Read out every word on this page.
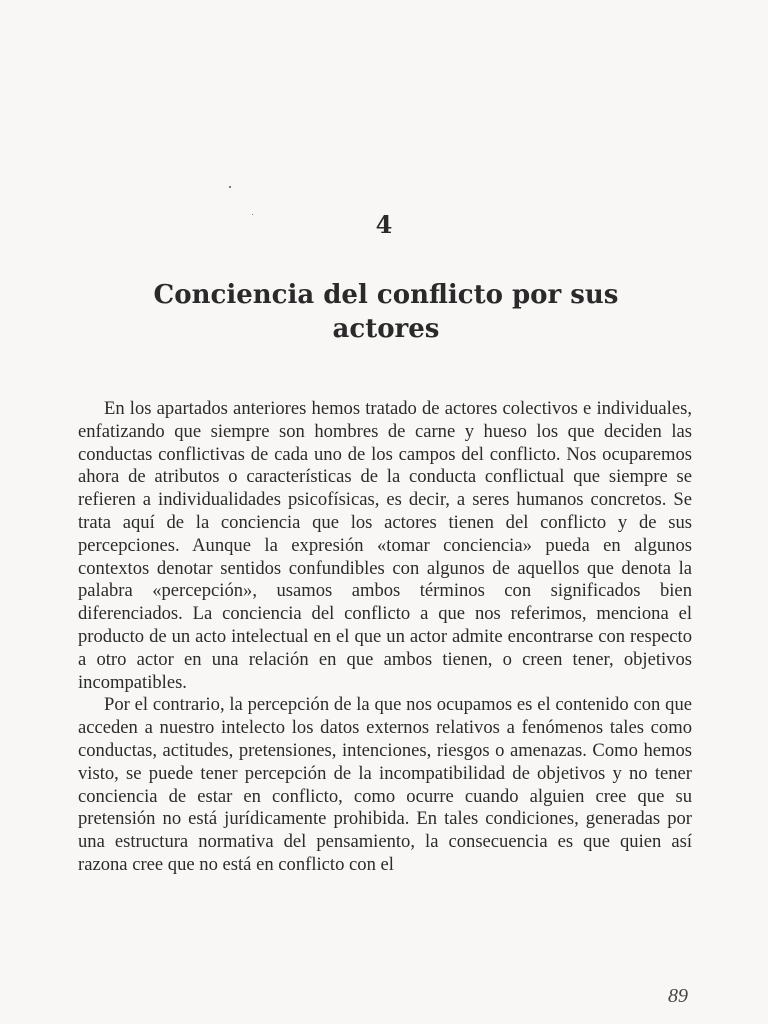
4
Conciencia del conflicto por sus actores

En los apartados anteriores hemos tratado de actores colectivos e individuales, enfatizando que siempre son hombres de carne y hueso los que deciden las conductas conflictivas de cada uno de los campos del conflicto. Nos ocuparemos ahora de atributos o características de la conducta conflictual que siempre se refieren a individualidades psicofísicas, es decir, a seres humanos concretos. Se trata aquí de la conciencia que los actores tienen del conflicto y de sus percepciones. Aunque la expresión «tomar conciencia» pueda en algunos contextos denotar sentidos confundibles con algunos de aquellos que denota la palabra «percepción», usamos ambos términos con significados bien diferenciados. La conciencia del conflicto a que nos referimos, menciona el producto de un acto intelectual en el que un actor admite encontrarse con respecto a otro actor en una relación en que ambos tienen, o creen tener, objetivos incompatibles.

Por el contrario, la percepción de la que nos ocupamos es el contenido con que acceden a nuestro intelecto los datos externos relativos a fenómenos tales como conductas, actitudes, pretensiones, intenciones, riesgos o amenazas. Como hemos visto, se puede tener percepción de la incompatibilidad de objetivos y no tener conciencia de estar en conflicto, como ocurre cuando alguien cree que su pretensión no está jurídicamente prohibida. En tales condiciones, generadas por una estructura normativa del pensamiento, la consecuencia es que quien así razona cree que no está en conflicto con el

89
